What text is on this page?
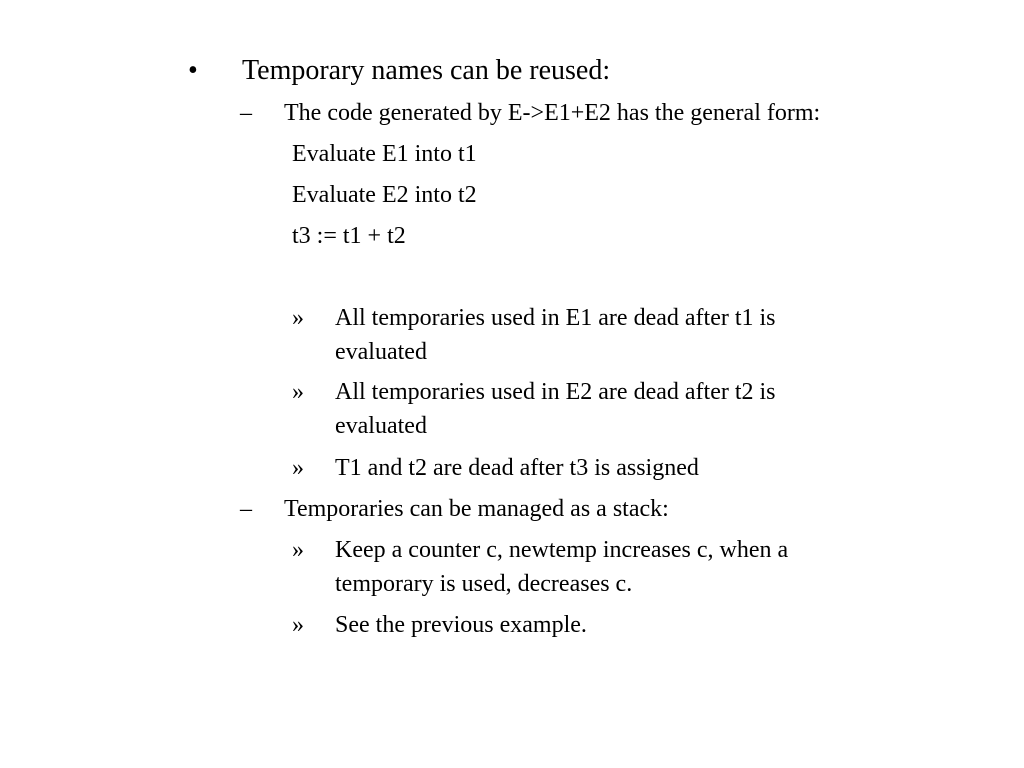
• Temporary names can be reused:
– The code generated by E->E1+E2 has the general form:
Evaluate E1 into t1
Evaluate E2 into t2
t3 := t1 + t2
» All temporaries used in E1 are dead after t1 is
evaluated
» All temporaries used in E2 are dead after t2 is
evaluated
» T1 and t2 are dead after t3 is assigned
– Temporaries can be managed as a stack:
» Keep a counter c, newtemp increases c, when a
temporary is used, decreases c.
» See the previous example.
